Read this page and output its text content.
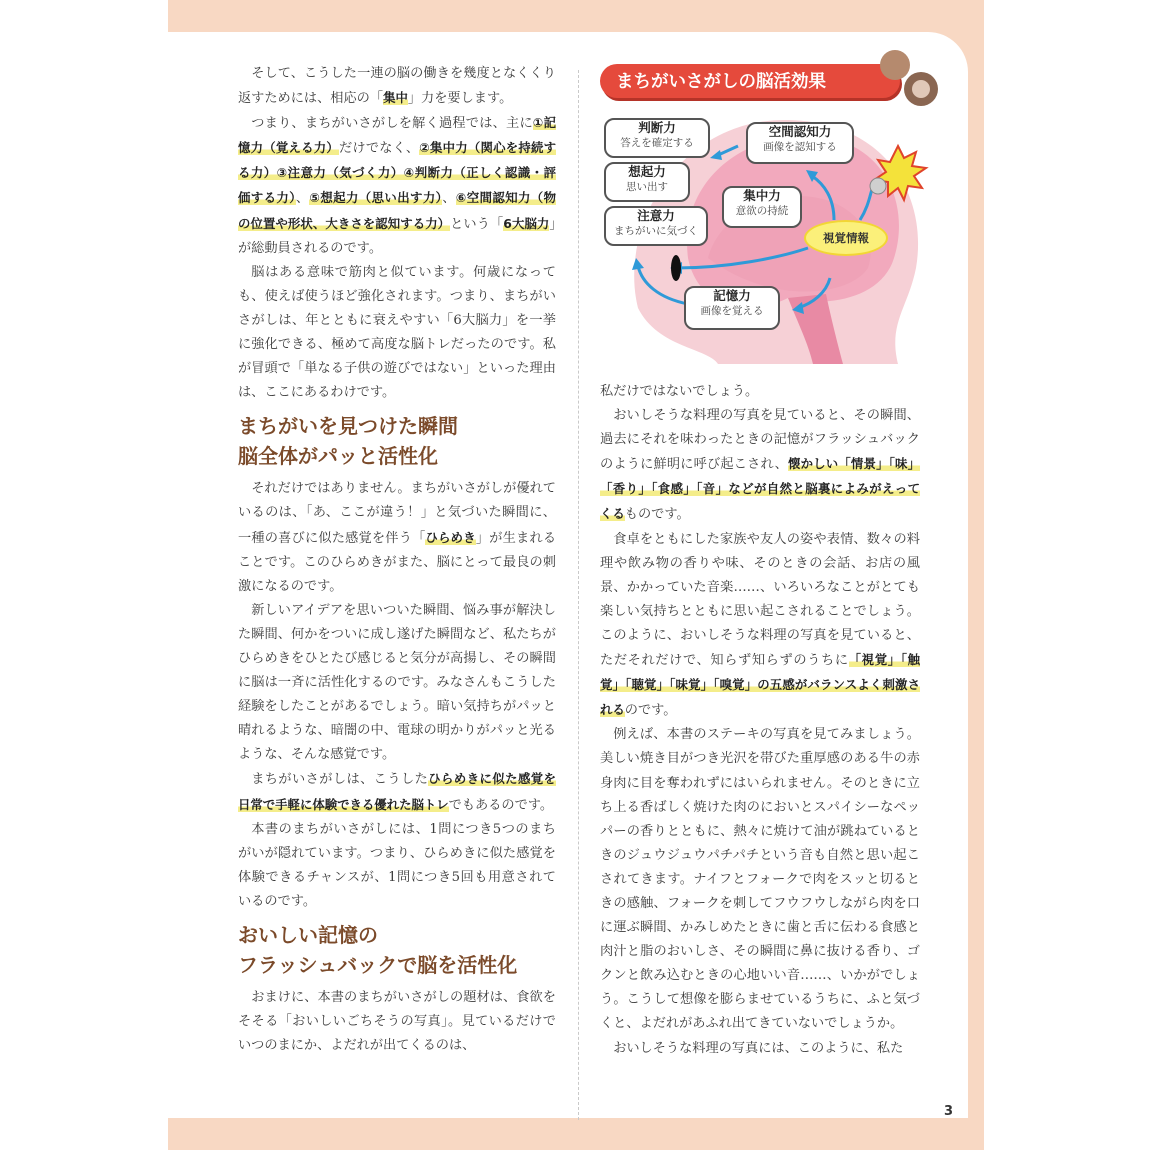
3

そして、こうした一連の脳の働きを幾度となくくり返すためには、相応の「集中」力を要します。

つまり、まちがいさがしを解く過程では、主に①記憶力（覚える力）だけでなく、②集中力（関心を持続する力）③注意力（気づく力）④判断力（正しく認識・評価する力）、⑤想起力（思い出す力）、⑥空間認知力（物の位置や形状、大きさを認知する力）という「6大脳力」が総動員されるのです。

脳はある意味で筋肉と似ています。何歳になっても、使えば使うほど強化されます。つまり、まちがいさがしは、年とともに衰えやすい「6大脳力」を一挙に強化できる、極めて高度な脳トレだったのです。私が冒頭で「単なる子供の遊びではない」といった理由は、ここにあるわけです。

まちがいを見つけた瞬間
脳全体がパッと活性化

それだけではありません。まちがいさがしが優れているのは、「あ、ここが違う！」と気づいた瞬間に、一種の喜びに似た感覚を伴う「ひらめき」が生まれることです。このひらめきがまた、脳にとって最良の刺激になるのです。

新しいアイデアを思いついた瞬間、悩み事が解決した瞬間、何かをついに成し遂げた瞬間など、私たちがひらめきをひとたび感じると気分が高揚し、その瞬間に脳は一斉に活性化するのです。みなさんもこうした経験をしたことがあるでしょう。暗い気持ちがパッと晴れるような、暗闇の中、電球の明かりがパッと光るような、そんな感覚です。

まちがいさがしは、こうしたひらめきに似た感覚を日常で手軽に体験できる優れた脳トレでもあるのです。

本書のまちがいさがしには、1問につき5つのまちがいが隠れています。つまり、ひらめきに似た感覚を体験できるチャンスが、1問につき5回も用意されているのです。

おいしい記憶の
フラッシュバックで脳を活性化

おまけに、本書のまちがいさがしの題材は、食欲をそそる「おいしいごちそうの写真」。見ているだけでいつのまにか、よだれが出てくるのは、

まちがいさがしの脳活効果
判断力
答えを確定する
想起力
思い出す
注意力
まちがいに気づく
空間認知力
画像を認知する
集中力
意欲の持続
視覚情報
記憶力
画像を覚える

私だけではないでしょう。

おいしそうな料理の写真を見ていると、その瞬間、過去にそれを味わったときの記憶がフラッシュバックのように鮮明に呼び起こされ、懐かしい「情景」「味」「香り」「食感」「音」などが自然と脳裏によみがえってくるものです。

食卓をともにした家族や友人の姿や表情、数々の料理や飲み物の香りや味、そのときの会話、お店の風景、かかっていた音楽……、いろいろなことがとても楽しい気持ちとともに思い起こされることでしょう。このように、おいしそうな料理の写真を見ていると、ただそれだけで、知らず知らずのうちに「視覚」「触覚」「聴覚」「味覚」「嗅覚」の五感がバランスよく刺激されるのです。

例えば、本書のステーキの写真を見てみましょう。美しい焼き目がつき光沢を帯びた重厚感のある牛の赤身肉に目を奪われずにはいられません。そのときに立ち上る香ばしく焼けた肉のにおいとスパイシーなペッパーの香りとともに、熱々に焼けて油が跳ねているときのジュウジュウパチパチという音も自然と思い起こされてきます。ナイフとフォークで肉をスッと切るときの感触、フォークを刺してフウフウしながら肉を口に運ぶ瞬間、かみしめたときに歯と舌に伝わる食感と肉汁と脂のおいしさ、その瞬間に鼻に抜ける香り、ゴクンと飲み込むときの心地いい音……、いかがでしょう。こうして想像を膨らませているうちに、ふと気づくと、よだれがあふれ出てきていないでしょうか。

おいしそうな料理の写真には、このように、私た
